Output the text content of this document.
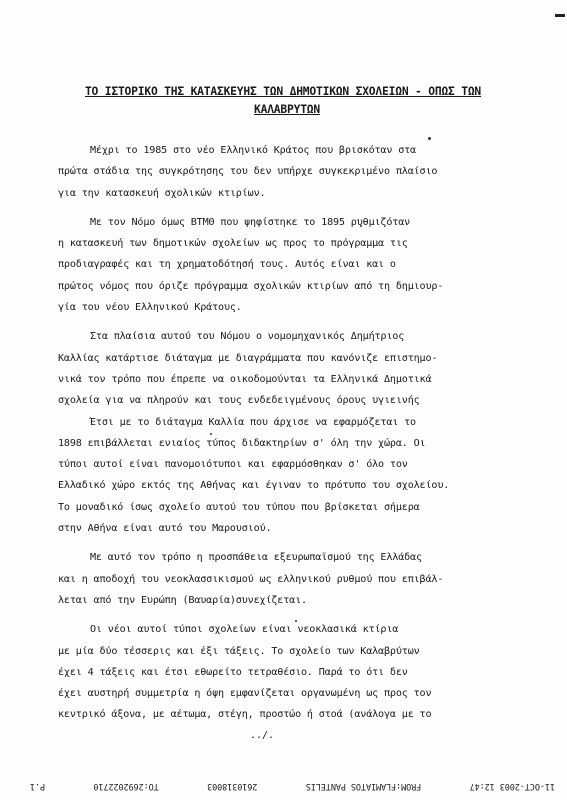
ΤΟ ΙΣΤΟΡΙΚΟ ΤΗΣ ΚΑΤΑΣΚΕΥΗΣ ΤΩΝ ΔΗΜΟΤΙΚΩΝ ΣΧΟΛΕΙΩΝ - ΟΠΩΣ ΤΩΝ
ΚΑΛΑΒΡΥΤΩΝ

Μέχρι το 1985 στο νέο Ελληνικό Κράτος που βρισκόταν στα
πρώτα στάδια της συγκρότησης του δεν υπήρχε συγκεκριμένο πλαίσιο
για την κατασκευή σχολικών κτιρίων.

Με τον Νόμο όμως ΒΤΜΘ που ψηφίστηκε το 1895 ρυθμιζόταν
η κατασκευή των δημοτικών σχολείων ως προς το πρόγραμμα τις
προδιαγραφές και τη χρηματοδότησή τους. Αυτός είναι και ο
πρώτος νόμος που όριζε πρόγραμμα σχολικών κτιρίων από τη δημιουρ-
γία του νέου Ελληνικού Κράτους.

Στα πλαίσια αυτού του Νόμου ο νομομηχανικός Δημήτριος
Καλλίας κατάρτισε διάταγμα με διαγράμματα που κανόνιζε επιστημο-
νικά τον τρόπο που έπρεπε να οικοδομούνται τα Ελληνικά Δημοτικά
σχολεία για να πληρούν και τους ενδεδειγμένους όρους υγιεινής
Έτσι με το διάταγμα Καλλία που άρχισε να εφαρμόζεται το
1898 επιβάλλεται ενιαίος τύπος διδακτηρίων σ' όλη την χώρα. Οι
τύποι αυτοί είναι πανομοιότυποι και εφαρμόσθηκαν σ' όλο τον
Ελλαδικό χώρο εκτός της Αθήνας και έγιναν το πρότυπο του σχολείου.
Το μοναδικό ίσως σχολείο αυτού του τύπου που βρίσκεται σήμερα
στην Αθήνα είναι αυτό του Μαρουσιού.

Με αυτό τον τρόπο η προσπάθεια εξευρωπαϊσμού της Ελλάδας
και η αποδοχή του νεοκλασσικισμού ως ελληνικού ρυθμού που επιβάλ-
λεται από την Ευρώπη (Βαυαρία)συνεχίζεται.

Οι νέοι αυτοί τύποι σχολείων είναι νεοκλασικά κτίρια
με μία δύο τέσσερις και έξι τάξεις. Το σχολείο των Καλαβρύτων
έχει 4 τάξεις και έτσι εθωρείτο τετραθέσιο. Παρά το ότι δεν
έχει αυστηρή συμμετρία η όψη εμφανίζεται οργανωμένη ως προς τον
κεντρικό άξονα, με αέτωμα, στέγη, προστώο ή στοά (ανάλογα με το

../.
11-OCT-2003 12:47
FROM:FLAMIATOS PANTELIS
2610318003
TO:2692022710
P.1
